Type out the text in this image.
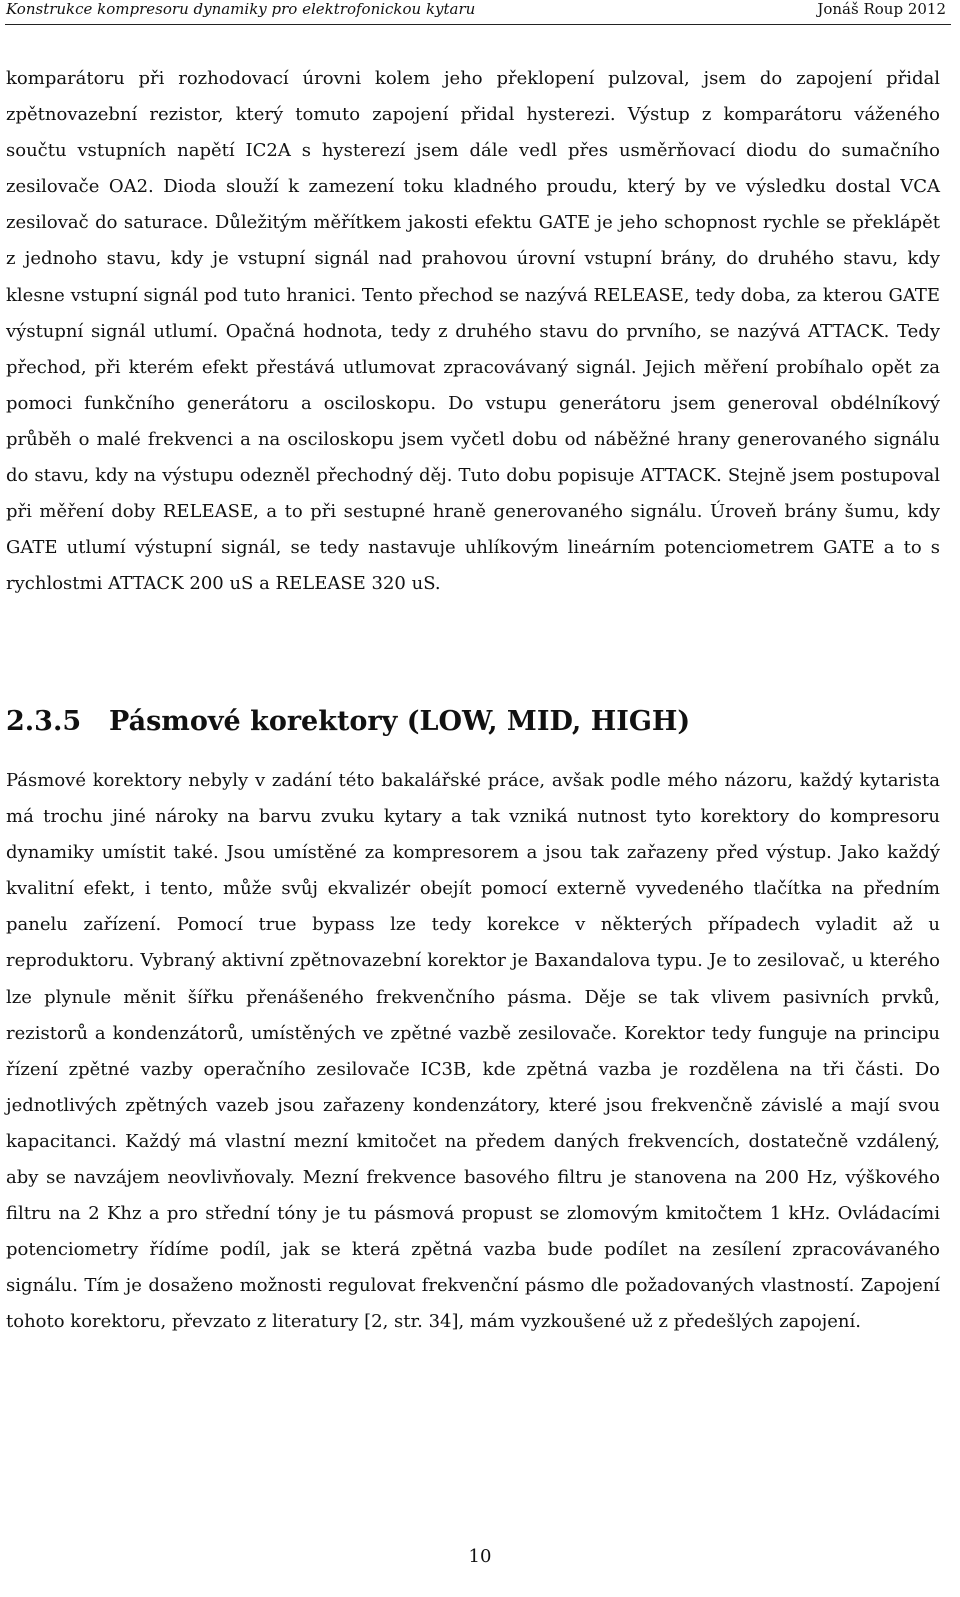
Konstrukce kompresoru dynamiky pro elektrofonickou kytaru	Jonáš Roup 2012

komparátoru při rozhodovací úrovni kolem jeho překlopení pulzoval, jsem do zapojení přidal zpětnovazební rezistor, který tomuto zapojení přidal hysterezi. Výstup z komparátoru váženého součtu vstupních napětí IC2A s hysterezí jsem dále vedl přes usměrňovací diodu do sumačního zesilovače OA2. Dioda slouží k zamezení toku kladného proudu, který by ve výsledku dostal VCA zesilovač do saturace. Důležitým měřítkem jakosti efektu GATE je jeho schopnost rychle se překlápět z jednoho stavu, kdy je vstupní signál nad prahovou úrovní vstupní brány, do druhého stavu, kdy klesne vstupní signál pod tuto hranici. Tento přechod se nazývá RELEASE, tedy doba, za kterou GATE výstupní signál utlumí. Opačná hodnota, tedy z druhého stavu do prvního, se nazývá ATTACK. Tedy přechod, při kterém efekt přestává utlumovat zpracovávaný signál. Jejich měření probíhalo opět za pomoci funkčního generátoru a osciloskopu. Do vstupu generátoru jsem generoval obdélníkový průběh o malé frekvenci a na osciloskopu jsem vyčetl dobu od náběžné hrany generovaného signálu do stavu, kdy na výstupu odezněl přechodný děj. Tuto dobu popisuje ATTACK. Stejně jsem postupoval při měření doby RELEASE, a to při sestupné hraně generovaného signálu. Úroveň brány šumu, kdy GATE utlumí výstupní signál, se tedy nastavuje uhlíkovým lineárním potenciometrem GATE a to s rychlostmi ATTACK 200 uS a RELEASE 320 uS.

2.3.5 Pásmové korektory (LOW, MID, HIGH)

Pásmové korektory nebyly v zadání této bakalářské práce, avšak podle mého názoru, každý kytarista má trochu jiné nároky na barvu zvuku kytary a tak vzniká nutnost tyto korektory do kompresoru dynamiky umístit také. Jsou umístěné za kompresorem a jsou tak zařazeny před výstup. Jako každý kvalitní efekt, i tento, může svůj ekvalizér obejít pomocí externě vyvedeného tlačítka na předním panelu zařízení. Pomocí true bypass lze tedy korekce v některých případech vyladit až u reproduktoru. Vybraný aktivní zpětnovazební korektor je Baxandalova typu. Je to zesilovač, u kterého lze plynule měnit šířku přenášeného frekvenčního pásma. Děje se tak vlivem pasivních prvků, rezistorů a kondenzátorů, umístěných ve zpětné vazbě zesilovače. Korektor tedy funguje na principu řízení zpětné vazby operačního zesilovače IC3B, kde zpětná vazba je rozdělena na tři části. Do jednotlivých zpětných vazeb jsou zařazeny kondenzátory, které jsou frekvenčně závislé a mají svou kapacitanci. Každý má vlastní mezní kmitočet na předem daných frekvencích, dostatečně vzdálený, aby se navzájem neovlivňovaly. Mezní frekvence basového filtru je stanovena na 200 Hz, výškového filtru na 2 Khz a pro střední tóny je tu pásmová propust se zlomovým kmitočtem 1 kHz. Ovládacími potenciometry řídíme podíl, jak se která zpětná vazba bude podílet na zesílení zpracovávaného signálu. Tím je dosaženo možnosti regulovat frekvenční pásmo dle požadovaných vlastností. Zapojení tohoto korektoru, převzato z literatury [2, str. 34], mám vyzkoušené už z předešlých zapojení.

10
